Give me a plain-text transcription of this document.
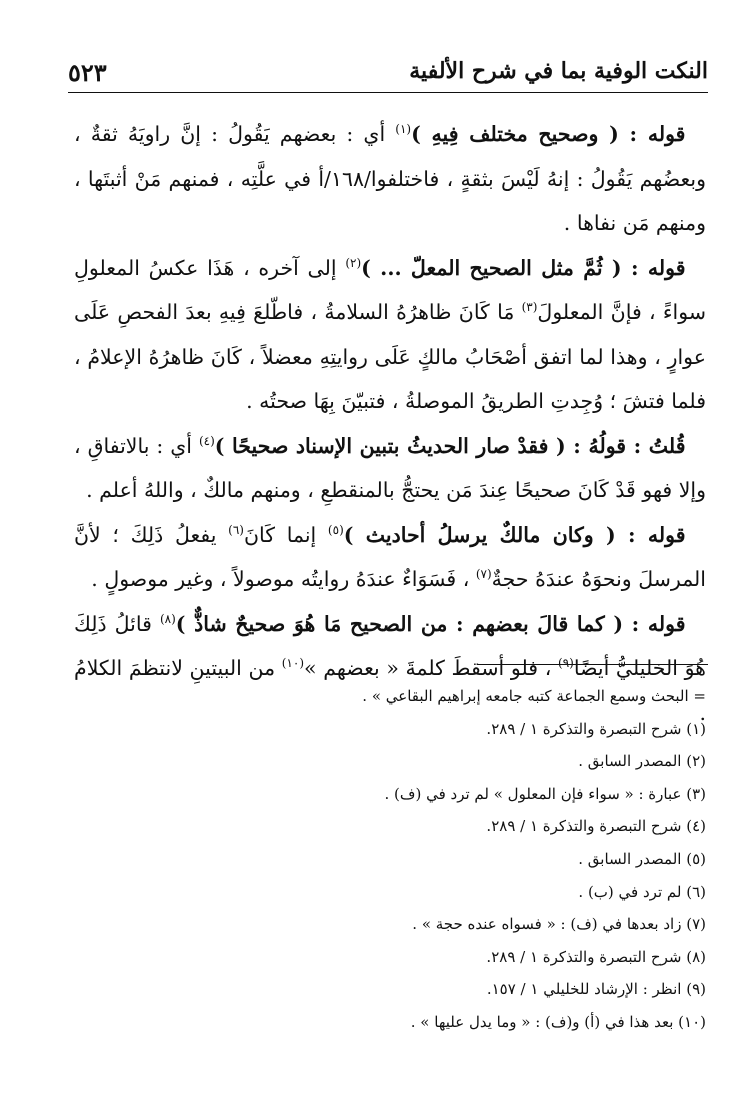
النكت الوفية بما في شرح الألفية
٥٢٣

 قوله : ( وصحيح مختلف فِيهِ )$^{(١)}$ أي : بعضهم يَقُولُ : إنَّ راويَهُ ثقةٌ ، وبعضُهم يَقُولُ : إنهُ لَيْسَ بثقةٍ ، فاختلفوا/١٦٨/أ في علَّتِه ، فمنهم مَنْ أثبتَها ، ومنهم مَن نفاها .

 قوله : ( ثُمَّ مثل الصحيح المعلّ ... )$^{(٢)}$ إلى آخره ، هَذَا عكسُ المعلولِ سواءً ، فإنَّ المعلولَ$^{(٣)}$ مَا كَانَ ظاهرُهُ السلامةُ ، فاطّلعَ فِيهِ بعدَ الفحصِ عَلَى عوارٍ ، وهذا لما اتفق أصْحَابُ مالكٍ عَلَى روايتِهِ معضلاً ، كَانَ ظاهرُهُ الإعلامُ ، فلما فتشَ ؛ وُجِدتِ الطريقُ الموصلةُ ، فتبيّنَ بِهَا صحتُه .

 قُلتُ : قولُهُ : ( فقدْ صار الحديثُ بتبين الإسناد صحيحًا )$^{(٤)}$ أي : بالاتفاقِ ، وإلا فهو قَدْ كَانَ صحيحًا عِندَ مَن يحتجُّ بالمنقطعِ ، ومنهم مالكٌ ، واللهُ أعلم .

 قوله : ( وكان مالكٌ يرسلُ أحاديث )$^{(٥)}$ إنما كَانَ$^{(٦)}$ يفعلُ ذَلِكَ ؛ لأنَّ المرسلَ ونحوَهُ عندَهُ حجةٌ$^{(٧)}$ ، فَسَوَاءٌ عندَهُ روايتُه موصولاً ، وغير موصولٍ .

 قوله : ( كما قالَ بعضهم : من الصحيح مَا هُوَ صحيحٌ شاذٌّ )$^{(٨)}$ قائلُ ذَلِكَ هُوَ الخليليُّ أيضًا$^{(٩)}$ ، فلو أسقطَ كلمةَ « بعضهم »$^{(١٠)}$ من البيتينِ لانتظمَ الكلامُ .

= البحث وسمع الجماعة كتبه جامعه إبراهيم البقاعي » .

(١) شرح التبصرة والتذكرة ١ / ٢٨٩.

(٢) المصدر السابق .

(٣) عبارة : « سواء فإن المعلول » لم ترد في (ف) .

(٤) شرح التبصرة والتذكرة ١ / ٢٨٩.

(٥) المصدر السابق .

(٦) لم ترد في (ب) .

(٧) زاد بعدها في (ف) : « فسواه عنده حجة » .

(٨) شرح التبصرة والتذكرة ١ / ٢٨٩.

(٩) انظر : الإرشاد للخليلي ١ / ١٥٧.

(١٠) بعد هذا في (أ) و(ف) : « وما يدل عليها » .
